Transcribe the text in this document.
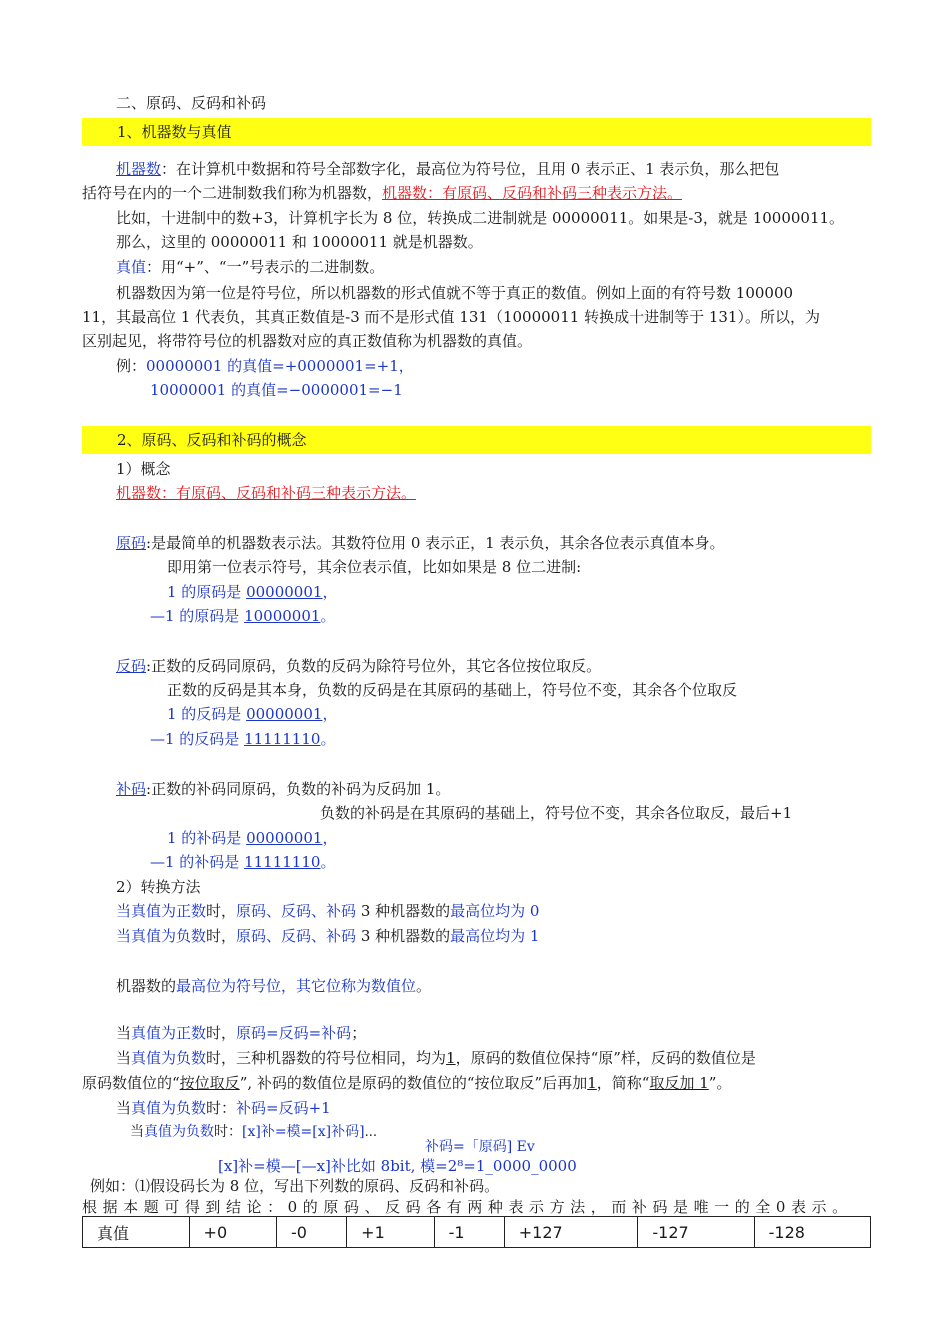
二、原码、反码和补码
1、机器数与真值
机器数：在计算机中数据和符号全部数字化，最高位为符号位，且用 0 表示正、1 表示负，那么把包
括符号在内的一个二进制数我们称为机器数，机器数：有原码、反码和补码三种表示方法。
比如，十进制中的数+3，计算机字长为 8 位，转换成二进制就是 00000011。如果是-3，就是 10000011。
那么，这里的 00000011 和 10000011 就是机器数。
真值：用“+”、“一”号表示的二进制数。
机器数因为第一位是符号位，所以机器数的形式值就不等于真正的数值。例如上面的有符号数 100000
11，其最高位 1 代表负，其真正数值是-3 而不是形式值 131（10000011 转换成十进制等于 131）。所以，为
区别起见，将带符号位的机器数对应的真正数值称为机器数的真值。
例：00000001 的真值=+0000001=+1，
10000001 的真值=−0000001=−1
2、原码、反码和补码的概念
1）概念
机器数：有原码、反码和补码三种表示方法。
原码:是最简单的机器数表示法。其数符位用 0 表示正，1 表示负，其余各位表示真值本身。
即用第一位表示符号，其余位表示值，比如如果是 8 位二进制:
1 的原码是 00000001，
—1 的原码是 10000001。
反码:正数的反码同原码，负数的反码为除符号位外，其它各位按位取反。
正数的反码是其本身，负数的反码是在其原码的基础上，符号位不变，其余各个位取反
1 的反码是 00000001，
—1 的反码是 11111110。
补码:正数的补码同原码，负数的补码为反码加 1。
负数的补码是在其原码的基础上，符号位不变，其余各位取反，最后+1
1 的补码是 00000001，
—1 的补码是 11111110。
2）转换方法
当真值为正数时，原码、反码、补码 3 种机器数的最高位均为 0
当真值为负数时，原码、反码、补码 3 种机器数的最高位均为 1
机器数的最高位为符号位，其它位称为数值位。
当真值为正数时，原码=反码=补码；
当真值为负数时，三种机器数的符号位相同，均为1，原码的数值位保持“原”样，反码的数值位是
原码数值位的“按位取反”, 补码的数值位是原码的数值位的“按位取反”后再加1，简称“取反加 1”。
当真值为负数时：补码=反码+1
当真值为负数时：[x]补=模=[x]补码]...
补码=「原码] Ev
[x]补=模—[—x]补比如 8bit, 模=2⁸=1_0000_0000
例如：⑴假设码长为 8 位，写出下列数的原码、反码和补码。
根 据 本 题 可 得 到 结 论 ： 0 的 原 码 、 反 码 各 有 两 种 表 示 方 法 ， 而 补 码 是 唯 一 的 全 0 表 示 。
真值	+0	-0	+1	-1	+127	-127	-128
